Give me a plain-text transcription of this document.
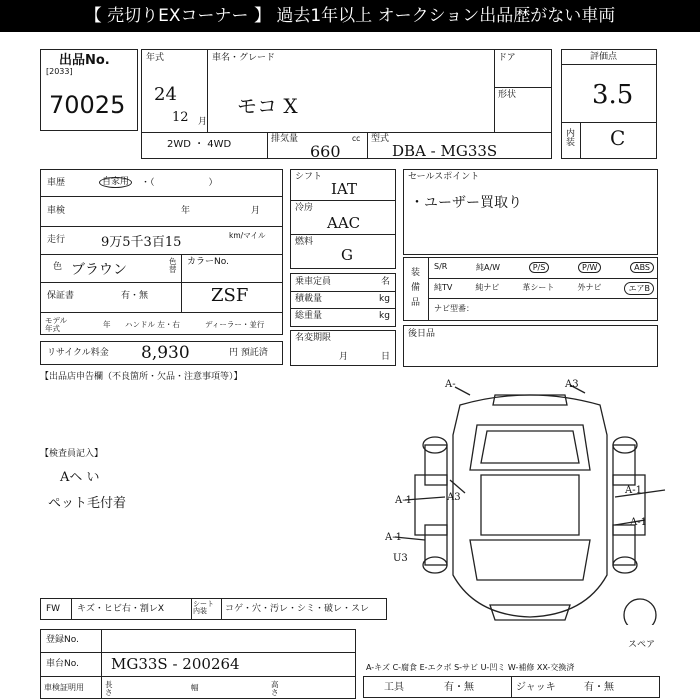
【 売切りEXコーナー 】 過去1年以上 オークション出品歴がない車両
出品No.
[2033]
70025
年式
24
12 月
車名・グレード
モコ X
ドア
形状
2WD ・ 4WD	排気量	cc
660
型式
DBA - MG33S
評価点
3.5
内装 C
車歴	自家用	・（　　　　　　）
車検	年	月
走行	9万5千3百15	km/マイル
色 ブラウン
色替
カラーNo.
ZSF
保証書	有・無
モデル年式	年 ハンドル 左・右	ディーラー・並行
リサイクル料金 8,930	円 預託済
シフト
IAT
冷房
AAC
燃料
G
乗車定員	名
積載量	kg
総重量	kg
名変期限
月	日
セールスポイント
・ユーザー買取り
装備品
S/R	純A/W	P/S	P/W	ABS
純TV	純ナビ	革シート	外ナビ	エアB
ナビ型番：
後日品
【出品店申告欄（不良箇所・欠品・注意事項等）】
【検査員記入】
Aヘ い
ペット毛付着
A-	A3
A3
A-1
A-1
A-1
A-1
U3
スペア
FW キズ・ヒビ右・割レX	シート内装	コゲ・穴・汚レ・シミ・破レ・スレ
登録No.
車台No. MG33S - 200264
車検証明用	長さ	幅	高さ
A-キズ C-腐食 E-エクボ S-サビ U-凹ミ W-補修 XX-交換済
工具	有・無	ジャッキ	有・無
